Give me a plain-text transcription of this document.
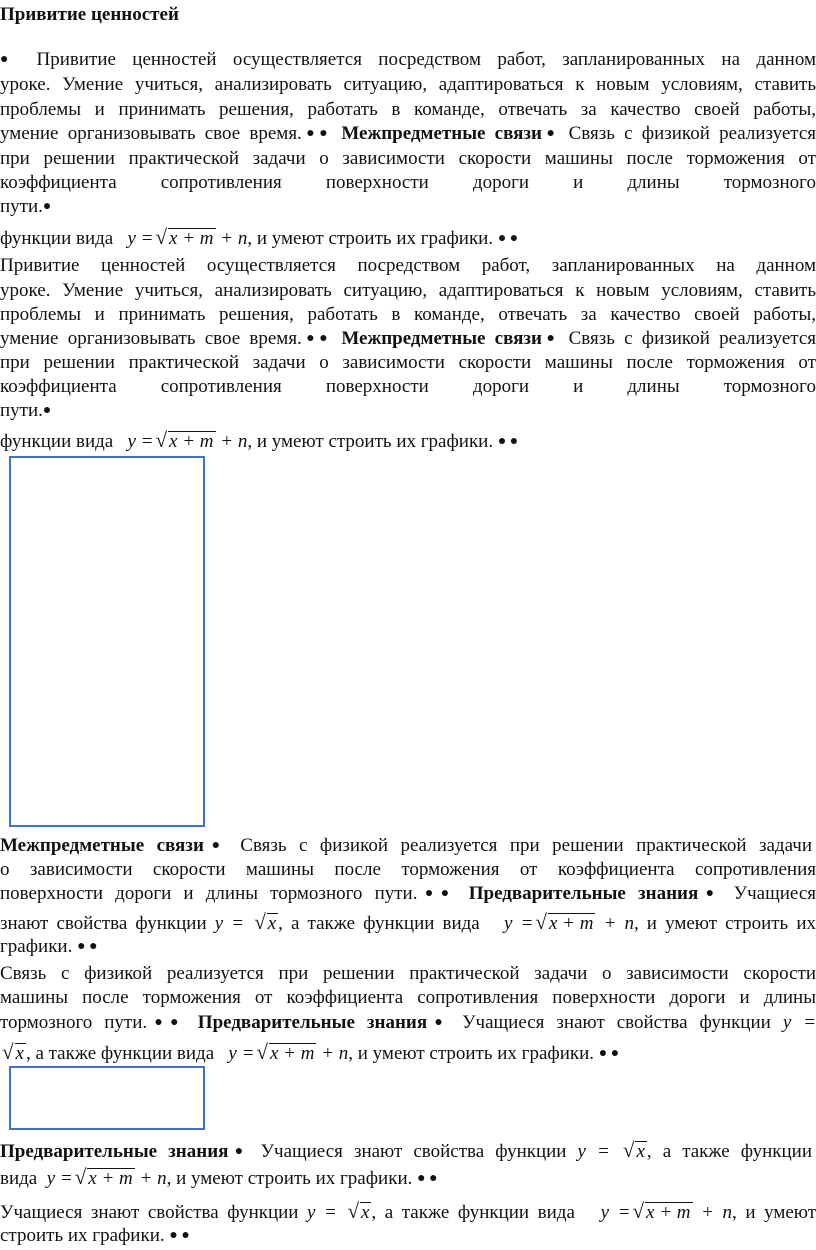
Привитие ценностей
● Привитие ценностей осуществляется посредством работ, запланированных на данном
уроке. Умение учиться, анализировать ситуацию, адаптироваться к новым условиям, ставить
проблемы и принимать решения, работать в команде, отвечать за качество своей работы,
умение организовывать свое время.●● Межпредметные связи● Связь с физикой реализуется
при решении практической задачи о зависимости скорости машины после торможения от
коэффициента сопротивления поверхности дороги и длины тормозного
пути.●
функции вида y =√ x + m + n, и умеют строить их графики. ● ●
Привитие ценностей осуществляется посредством работ, запланированных на данном
уроке. Умение учиться, анализировать ситуацию, адаптироваться к новым условиям, ставить
проблемы и принимать решения, работать в команде, отвечать за качество своей работы,
умение организовывать свое время.●● Межпредметные связи● Связь с физикой реализуется
при решении практической задачи о зависимости скорости машины после торможения от
коэффициента сопротивления поверхности дороги и длины тормозного
пути.●
функции вида y =√ x + m + n, и умеют строить их графики. ● ●
Межпредметные связи● Связь с физикой реализуется при решении практической задачи
о зависимости скорости машины после торможения от коэффициента сопротивления
поверхности дороги и длины тормозного пути.●● Предварительные знания● Учащиеся
знают свойства функции y = √ x , а также функции вида y =√ x + m + n, и умеют строить их
графики. ● ●
Связь с физикой реализуется при решении практической задачи о зависимости скорости
машины после торможения от коэффициента сопротивления поверхности дороги и длины
тормозного пути.●● Предварительные знания● Учащиеся знают свойства функции y =
√ x , а также функции вида y =√ x + m + n, и умеют строить их графики. ● ●
Предварительные знания● Учащиеся знают свойства функции y = √ x , а также функции
вида y =√ x + m + n, и умеют строить их графики. ● ●
Учащиеся знают свойства функции y = √ x , а также функции вида y =√ x + m + n, и умеют
строить их графики. ● ●
